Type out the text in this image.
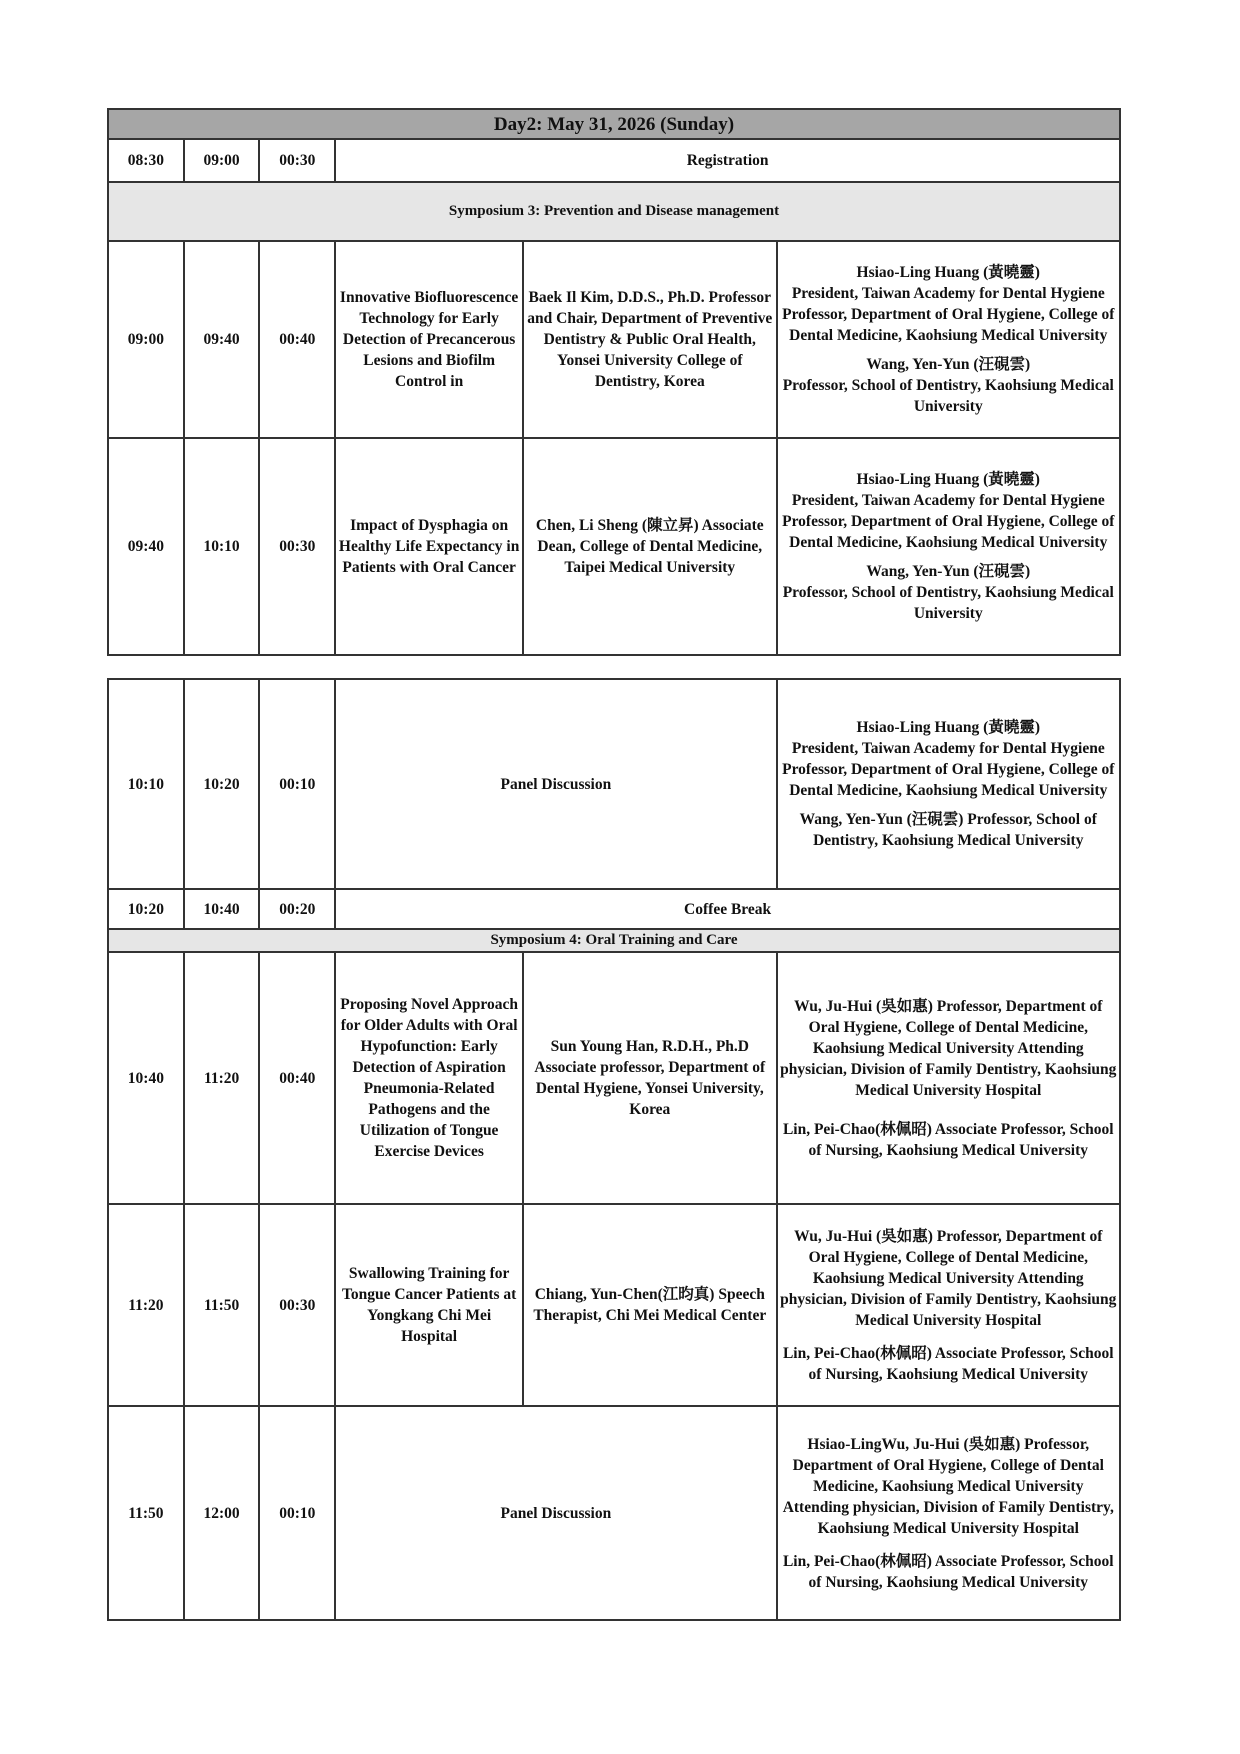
Day2: May 31, 2026 (Sunday)					
08:30	09:00	00:30	Registration		
Symposium 3: Prevention and Disease management					
09:00	09:40	00:40	Innovative Biofluorescence Technology for Early Detection of Precancerous Lesions and Biofilm Control in	Baek Il Kim, D.D.S., Ph.D. Professor and Chair, Department of Preventive Dentistry & Public Oral Health, Yonsei University College of Dentistry, Korea	Hsiao-Ling Huang (黃曉靈)
President, Taiwan Academy for Dental Hygiene Professor, Department of Oral Hygiene, College of Dental Medicine, Kaohsiung Medical University
Wang, Yen-Yun (汪硯雲)
Professor, School of Dentistry, Kaohsiung Medical University

09:40	10:10	00:30	Impact of Dysphagia on Healthy Life Expectancy in Patients with Oral Cancer	Chen, Li Sheng (陳立昇) Associate Dean, College of Dental Medicine, Taipei Medical University	Hsiao-Ling Huang (黃曉靈)
President, Taiwan Academy for Dental Hygiene Professor, Department of Oral Hygiene, College of Dental Medicine, Kaohsiung Medical University
Wang, Yen-Yun (汪硯雲)
Professor, School of Dentistry, Kaohsiung Medical University
10:10	10:20	00:10	Panel Discussion		Hsiao-Ling Huang (黃曉靈)
President, Taiwan Academy for Dental Hygiene Professor, Department of Oral Hygiene, College of Dental Medicine, Kaohsiung Medical University
Wang, Yen-Yun (汪硯雲) Professor, School of Dentistry, Kaohsiung Medical University

10:20	10:40	00:20	Coffee Break		
Symposium 4: Oral Training and Care					
10:40	11:20	00:40	Proposing Novel Approach for Older Adults with Oral Hypofunction: Early Detection of Aspiration Pneumonia-Related Pathogens and the Utilization of Tongue Exercise Devices	Sun Young Han, R.D.H., Ph.D Associate professor, Department of Dental Hygiene, Yonsei University, Korea	Wu, Ju-Hui (吳如惠) Professor, Department of Oral Hygiene, College of Dental Medicine, Kaohsiung Medical University Attending physician, Division of Family Dentistry, Kaohsiung Medical University Hospital
Lin, Pei-Chao(林佩昭) Associate Professor, School of Nursing, Kaohsiung Medical University

11:20	11:50	00:30	Swallowing Training for Tongue Cancer Patients at Yongkang Chi Mei Hospital	Chiang, Yun-Chen(江昀真) Speech Therapist, Chi Mei Medical Center	Wu, Ju-Hui (吳如惠) Professor, Department of Oral Hygiene, College of Dental Medicine, Kaohsiung Medical University Attending physician, Division of Family Dentistry, Kaohsiung Medical University Hospital
Lin, Pei-Chao(林佩昭) Associate Professor, School of Nursing, Kaohsiung Medical University

11:50	12:00	00:10	Panel Discussion		Hsiao-LingWu, Ju-Hui (吳如惠) Professor, Department of Oral Hygiene, College of Dental Medicine, Kaohsiung Medical University Attending physician, Division of Family Dentistry, Kaohsiung Medical University Hospital
Lin, Pei-Chao(林佩昭) Associate Professor, School of Nursing, Kaohsiung Medical University
